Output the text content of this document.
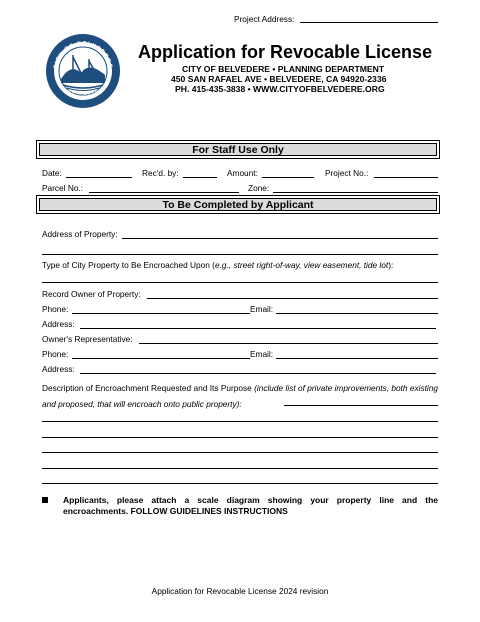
Project Address:
CITY OF BELVEDERE
EST. 1896
Application for Revocable License
CITY OF BELVEDERE • PLANNING DEPARTMENT
450 SAN RAFAEL AVE • BELVEDERE, CA 94920-2336
PH. 415-435-3838 • WWW.CITYOFBELVEDERE.ORG
For Staff Use Only
Date:	Rec'd. by:	Amount:	Project No.:
Parcel No.:	Zone:
To Be Completed by Applicant
Address of Property:
Type of City Property to Be Encroached Upon (e.g., street right-of-way, view easement, tide lot):
Record Owner of Property:
Phone:	Email:
Address:
Owner's Representative:
Phone:	Email:
Address:
Description of Encroachment Requested and Its Purpose (include list of private improvements, both existing and proposed, that will encroach onto public property):
Applicants, please attach a scale diagram showing your property line and the encroachments. FOLLOW GUIDELINES INSTRUCTIONS
Application for Revocable License 2024 revision
